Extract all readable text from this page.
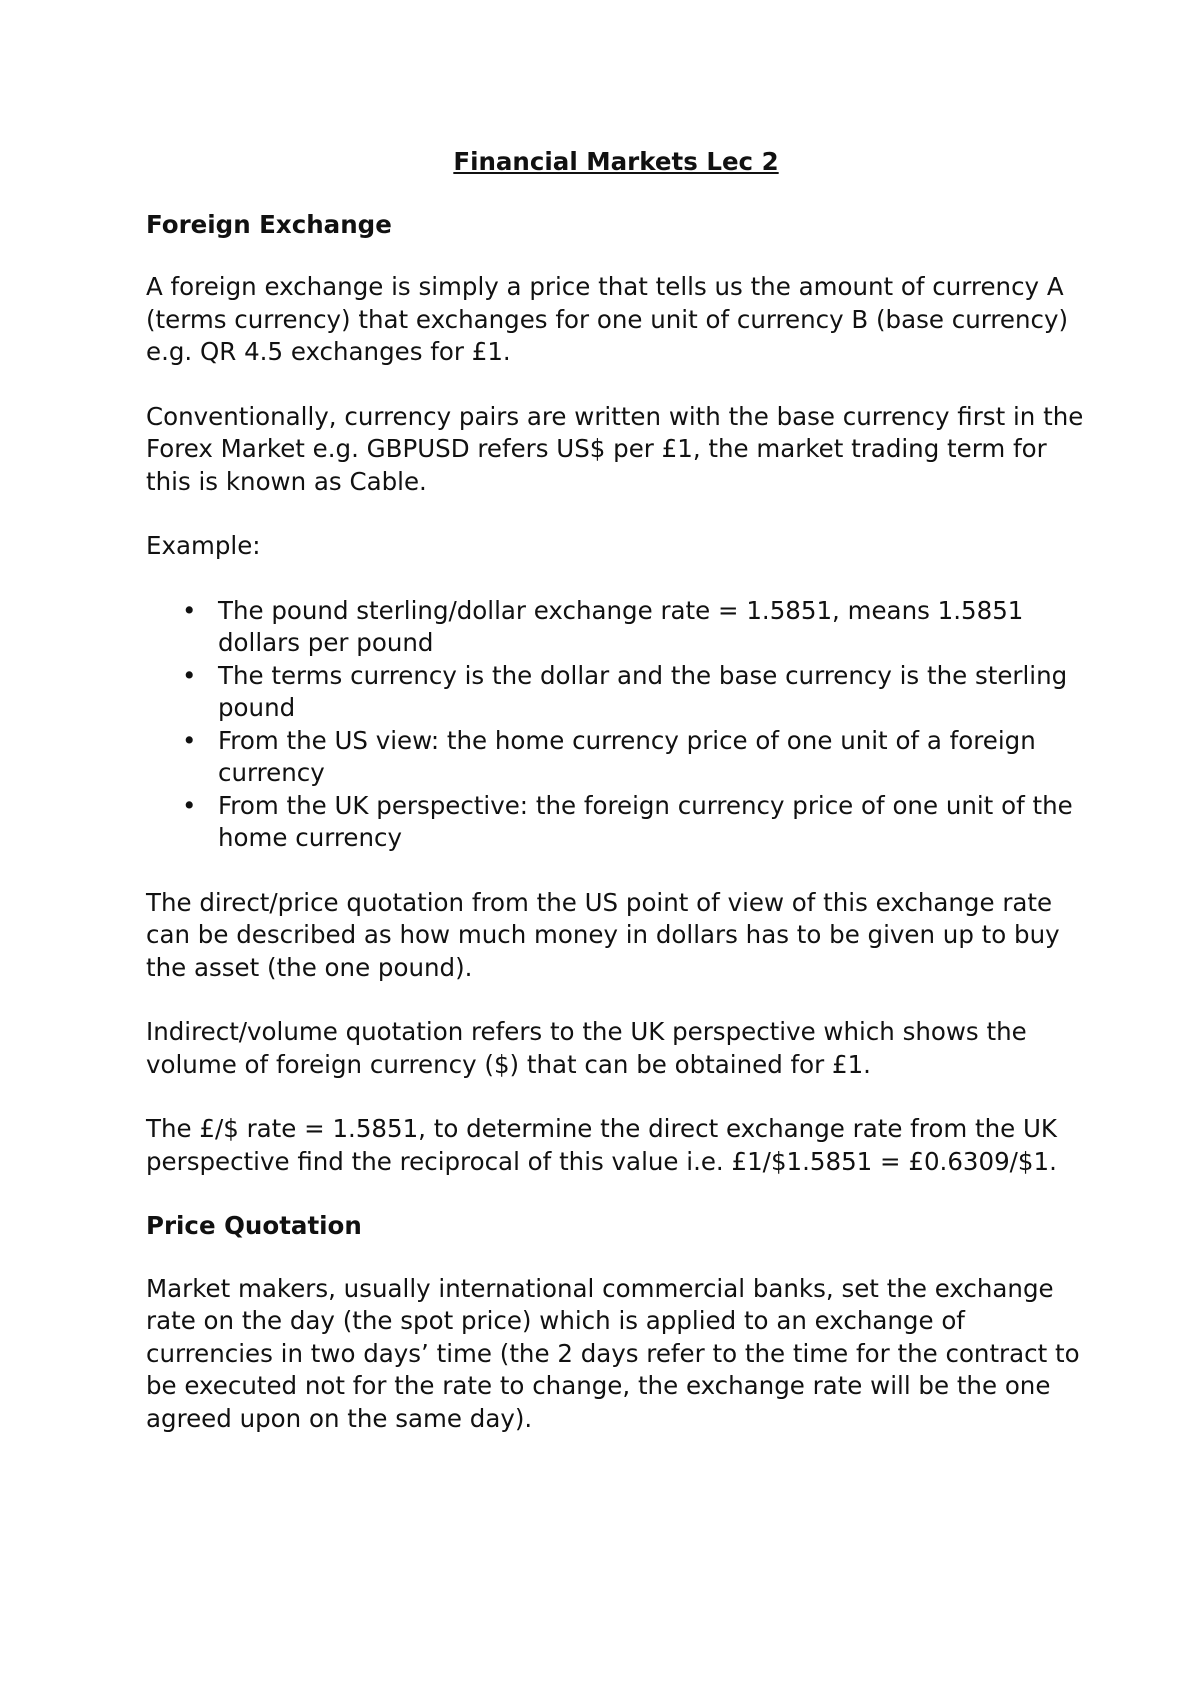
Financial Markets Lec 2
Foreign Exchange

A foreign exchange is simply a price that tells us the amount of currency A (terms currency) that exchanges for one unit of currency B (base currency) e.g. QR 4.5 exchanges for £1.

Conventionally, currency pairs are written with the base currency first in the Forex Market e.g. GBPUSD refers US$ per £1, the market trading term for this is known as Cable.

Example:

• The pound sterling/dollar exchange rate = 1.5851, means 1.5851 dollars per pound
• The terms currency is the dollar and the base currency is the sterling pound
• From the US view: the home currency price of one unit of a foreign currency
• From the UK perspective: the foreign currency price of one unit of the home currency

The direct/price quotation from the US point of view of this exchange rate can be described as how much money in dollars has to be given up to buy the asset (the one pound).

Indirect/volume quotation refers to the UK perspective which shows the volume of foreign currency ($) that can be obtained for £1.

The £/$ rate = 1.5851, to determine the direct exchange rate from the UK perspective find the reciprocal of this value i.e. £1/$1.5851 = £0.6309/$1.

Price Quotation

Market makers, usually international commercial banks, set the exchange rate on the day (the spot price) which is applied to an exchange of currencies in two days’ time (the 2 days refer to the time for the contract to be executed not for the rate to change, the exchange rate will be the one agreed upon on the same day).
